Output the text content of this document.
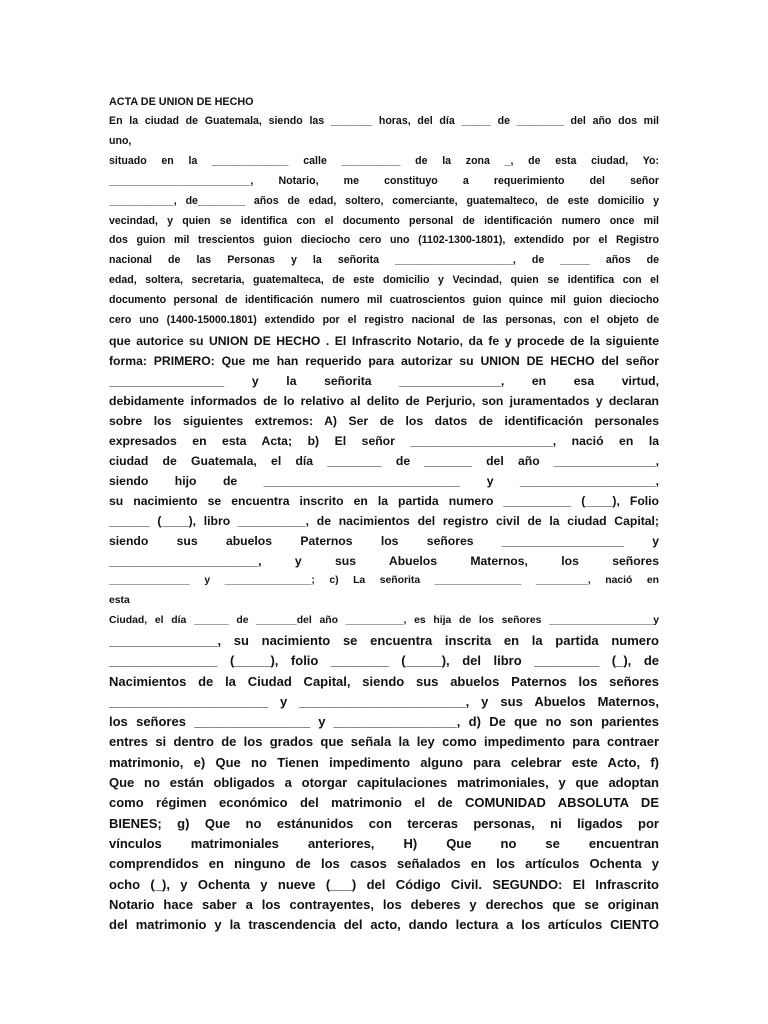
ACTA DE UNION DE HECHO
En la ciudad de Guatemala, siendo las _______ horas, del día _____ de ________ del año dos mil
uno,
situado en la _____________ calle __________ de la zona _, de esta ciudad, Yo:
________________________, Notario, me constituyo a requerimiento del señor
___________, de________ años de edad, soltero, comerciante, guatemalteco, de este domicilio y
vecindad, y quien se identifica con el documento personal de identificación numero once mil
dos guion mil trescientos guion dieciocho cero uno (1102-1300-1801), extendido por el Registro
nacional de las Personas y la señorita ____________________, de _____ años de
edad, soltera, secretaria, guatemalteca, de este domicilio y Vecindad, quien se identifica con el
documento personal de identificación numero mil cuatroscientos guion quince mil guion dieciocho
cero uno (1400-15000.1801) extendido por el registro nacional de las personas, con el objeto de
que autorice su UNION DE HECHO . El Infrascrito Notario, da fe y procede de la siguiente
forma: PRIMERO: Que me han requerido para autorizar su UNION DE HECHO del señor
_________________ y la señorita _______________, en esa virtud,
debidamente informados de lo relativo al delito de Perjurio, son juramentados y declaran
sobre los siguientes extremos: A) Ser de los datos de identificación personales
expresados en esta Acta; b) El señor _____________________, nació en la
ciudad de Guatemala, el día ________ de _______ del año _______________,
siendo hijo de _____________________________ y ____________________,
su nacimiento se encuentra inscrito en la partida numero __________ (____), Folio
______ (____), libro __________, de nacimientos del registro civil de la ciudad Capital;
siendo sus abuelos Paternos los señores __________________ y
______________________, y sus Abuelos Maternos, los señores
______________ y _______________; c) La señorita _______________ _________, nació en
esta
Ciudad, el día ______ de _______del año __________, es hija de los señores __________________y
_______________, su nacimiento se encuentra inscrita en la partida numero
_______________ (_____), folio ________ (_____), del libro _________ (_), de
Nacimientos de la Ciudad Capital, siendo sus abuelos Paternos los señores
______________________ y _______________________, y sus Abuelos Maternos,
los señores ________________ y _________________, d) De que no son parientes
entres si dentro de los grados que señala la ley como impedimento para contraer
matrimonio, e) Que no Tienen impedimento alguno para celebrar este Acto, f)
Que no están obligados a otorgar capitulaciones matrimoniales, y que adoptan
como régimen económico del matrimonio el de COMUNIDAD ABSOLUTA DE
BIENES; g) Que no estánunidos con terceras personas, ni ligados por
vínculos matrimoniales anteriores, H) Que no se encuentran
comprendidos en ninguno de los casos señalados en los artículos Ochenta y
ocho (_), y Ochenta y nueve (___) del Código Civil. SEGUNDO: El Infrascrito
Notario hace saber a los contrayentes, los deberes y derechos que se originan
del matrimonio y la trascendencia del acto, dando lectura a los artículos CIENTO
